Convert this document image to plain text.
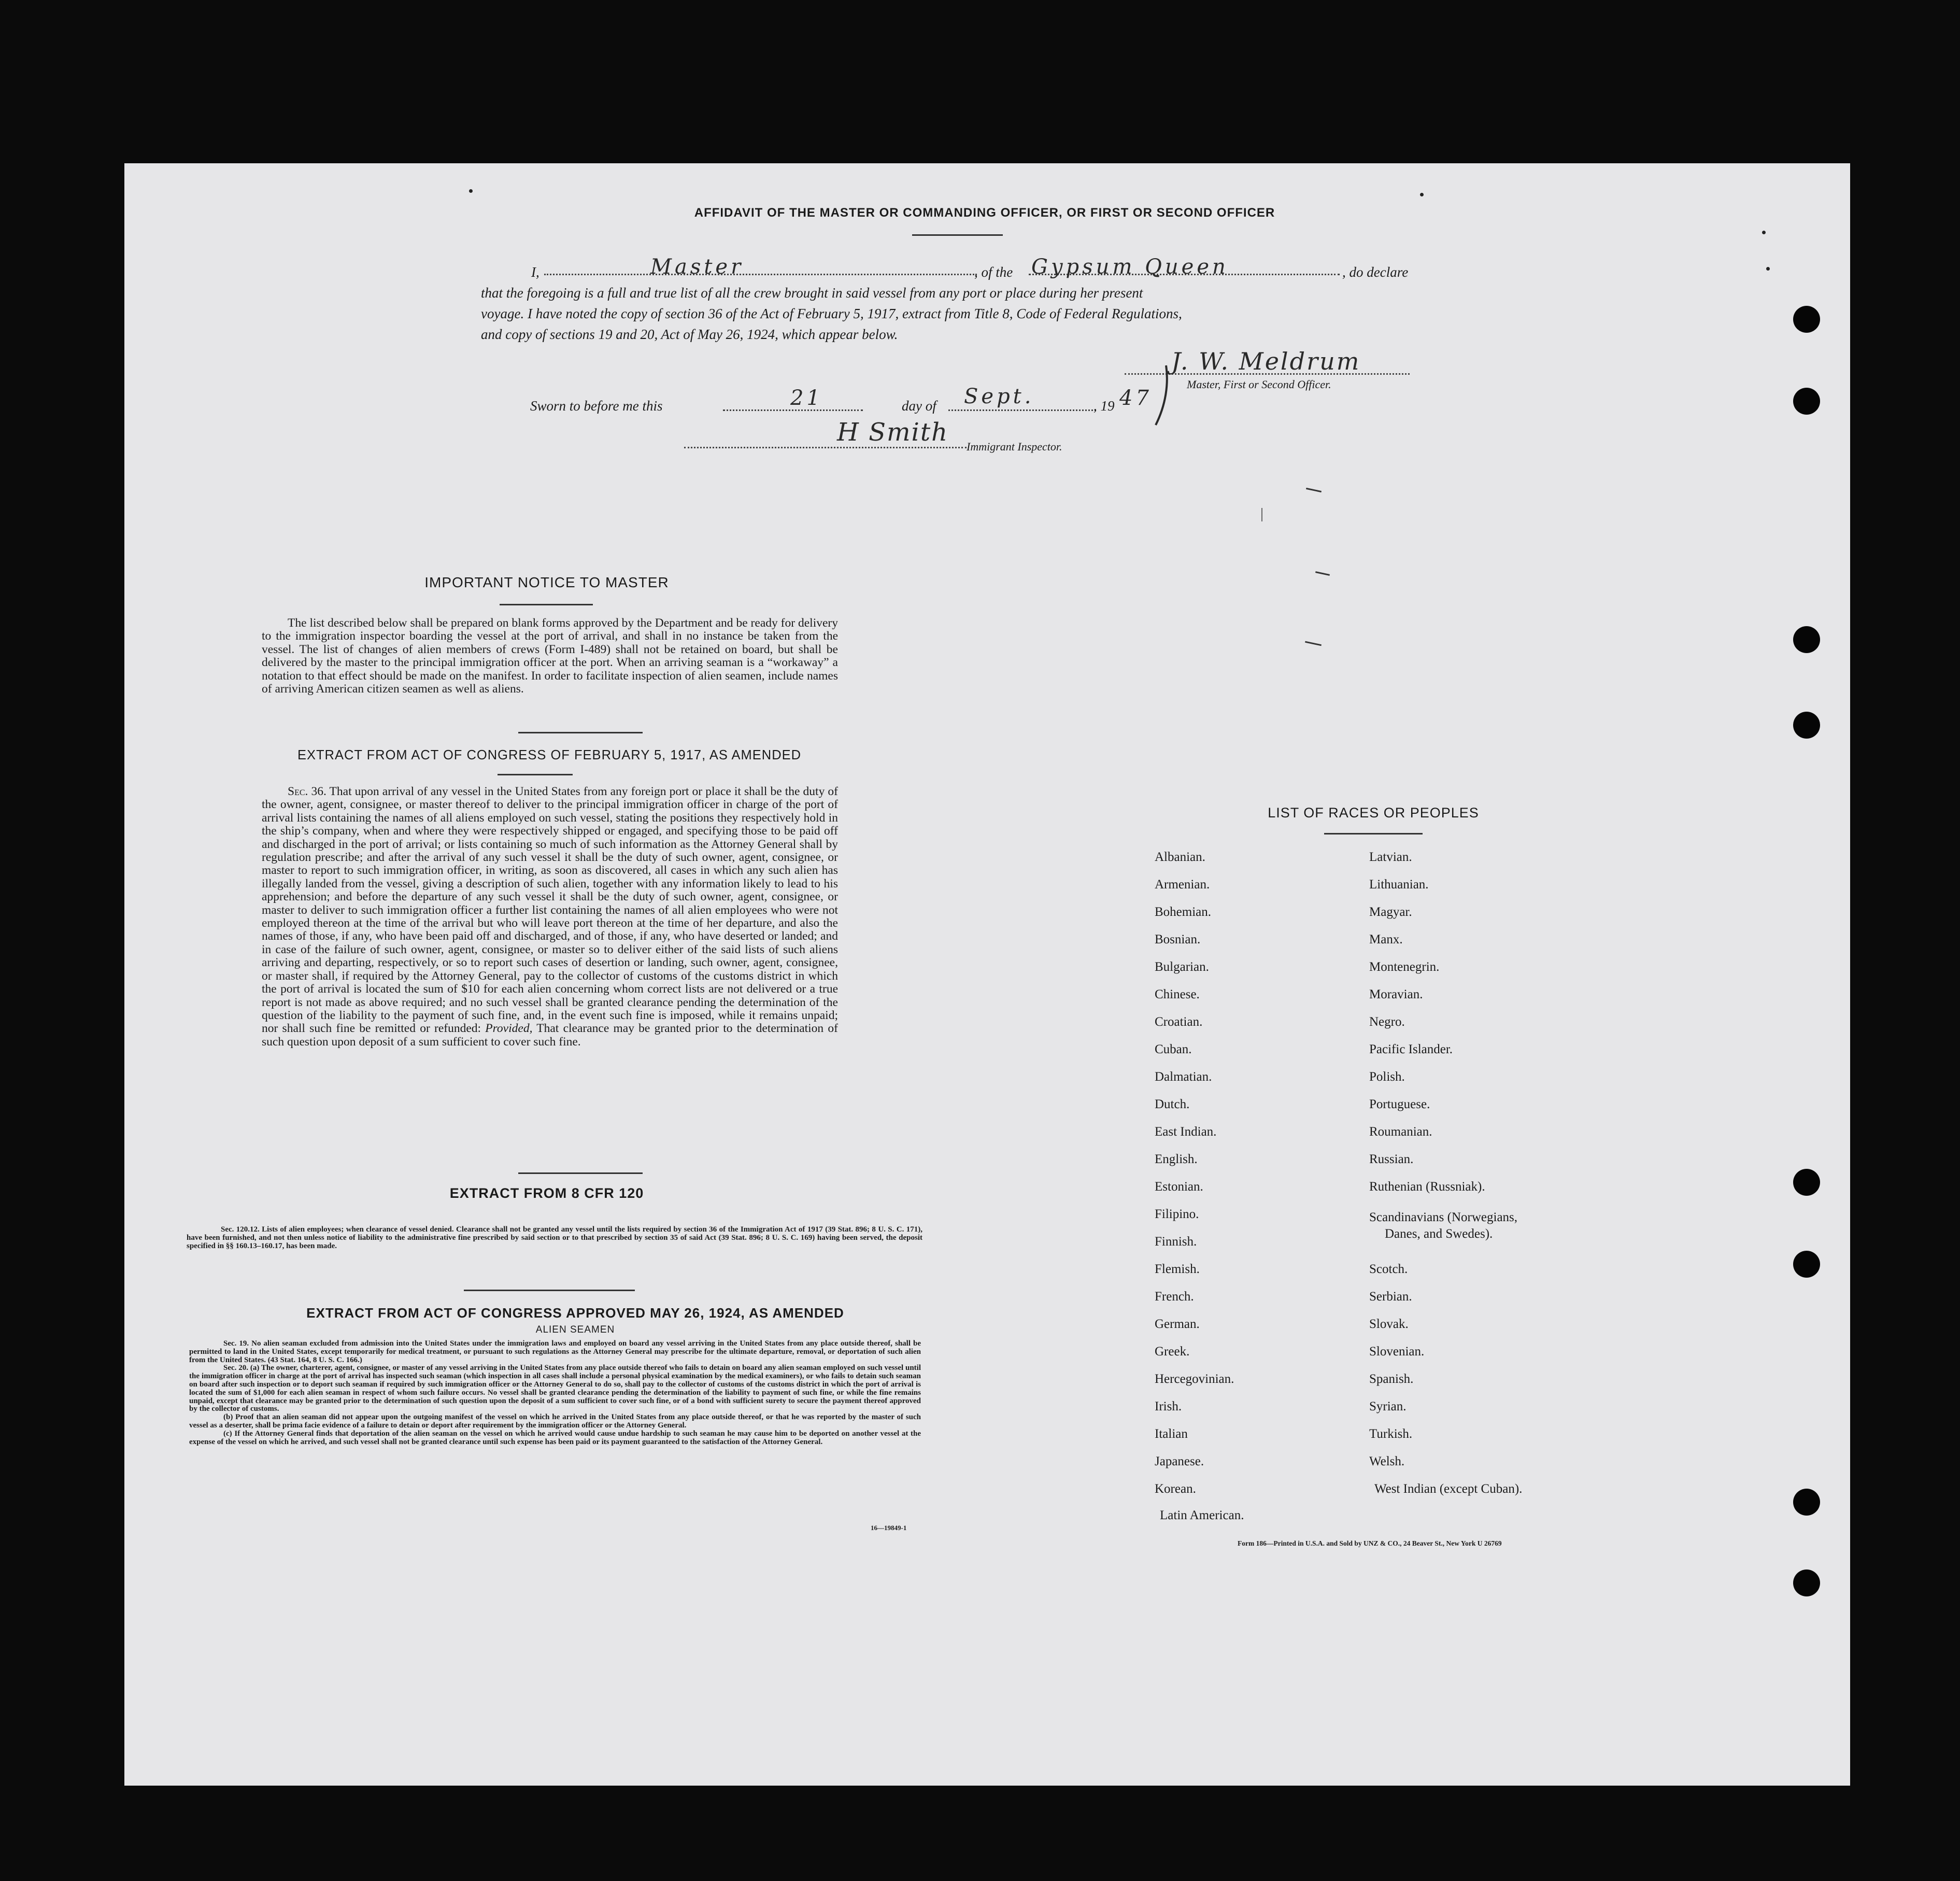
AFFIDAVIT OF THE MASTER OR COMMANDING OFFICER, OR FIRST OR SECOND OFFICER
I,	Master	, of the Gypsum Queen	, do declare
that the foregoing is a full and true list of all the crew brought in said vessel from any port or place during her present
voyage. I have noted the copy of section 36 of the Act of February 5, 1917, extract from Title 8, Code of Federal Regulations,
and copy of sections 19 and 20, Act of May 26, 1924, which appear below.
J. W. Meldrum
Master, First or Second Officer.
Sworn to before me this	21	day of Sept.	, 19 47
H Smith Immigrant Inspector.
IMPORTANT NOTICE TO MASTER
The list described below shall be prepared on blank forms approved by the Department and be ready for delivery to the immigration inspector boarding the vessel at the port of arrival, and shall in no instance be taken from the vessel. The list of changes of alien members of crews (Form I-489) shall not be retained on board, but shall be delivered by the master to the principal immigration officer at the port. When an arriving seaman is a “workaway” a notation to that effect should be made on the manifest. In order to facilitate inspection of alien seamen, include names of arriving American citizen seamen as well as aliens.
EXTRACT FROM ACT OF CONGRESS OF FEBRUARY 5, 1917, AS AMENDED
Sec. 36. That upon arrival of any vessel in the United States from any foreign port or place it shall be the duty of the owner, agent, consignee, or master thereof to deliver to the principal immigration officer in charge of the port of arrival lists containing the names of all aliens employed on such vessel, stating the positions they respectively hold in the ship’s company, when and where they were respectively shipped or engaged, and specifying those to be paid off and discharged in the port of arrival; or lists containing so much of such information as the Attorney General shall by regulation prescribe; and after the arrival of any such vessel it shall be the duty of such owner, agent, consignee, or master to report to such immigration officer, in writing, as soon as discovered, all cases in which any such alien has illegally landed from the vessel, giving a description of such alien, together with any information likely to lead to his apprehension; and before the departure of any such vessel it shall be the duty of such owner, agent, consignee, or master to deliver to such immigration officer a further list containing the names of all alien employees who were not employed thereon at the time of the arrival but who will leave port thereon at the time of her departure, and also the names of those, if any, who have been paid off and discharged, and of those, if any, who have deserted or landed; and in case of the failure of such owner, agent, consignee, or master so to deliver either of the said lists of such aliens arriving and departing, respectively, or so to report such cases of desertion or landing, such owner, agent, consignee, or master shall, if required by the Attorney General, pay to the collector of customs of the customs district in which the port of arrival is located the sum of $10 for each alien concerning whom correct lists are not delivered or a true report is not made as above required; and no such vessel shall be granted clearance pending the determination of the question of the liability to the payment of such fine, and, in the event such fine is imposed, while it remains unpaid; nor shall such fine be remitted or refunded: Provided, That clearance may be granted prior to the determination of such question upon deposit of a sum sufficient to cover such fine.
EXTRACT FROM 8 CFR 120
Sec. 120.12. Lists of alien employees; when clearance of vessel denied. Clearance shall not be granted any vessel until the lists required by section 36 of the Immigration Act of 1917 (39 Stat. 896; 8 U. S. C. 171), have been furnished, and not then unless notice of liability to the administrative fine prescribed by said section or to that prescribed by section 35 of said Act (39 Stat. 896; 8 U. S. C. 169) having been served, the deposit specified in §§ 160.13–160.17, has been made.
EXTRACT FROM ACT OF CONGRESS APPROVED MAY 26, 1924, AS AMENDED
ALIEN SEAMEN
Sec. 19. No alien seaman excluded from admission into the United States under the immigration laws and employed on board any vessel arriving in the United States from any place outside thereof, shall be permitted to land in the United States, except temporarily for medical treatment, or pursuant to such regulations as the Attorney General may prescribe for the ultimate departure, removal, or deportation of such alien from the United States. (43 Stat. 164, 8 U. S. C. 166.)
Sec. 20. (a) The owner, charterer, agent, consignee, or master of any vessel arriving in the United States from any place outside thereof who fails to detain on board any alien seaman employed on such vessel until the immigration officer in charge at the port of arrival has inspected such seaman (which inspection in all cases shall include a personal physical examination by the medical examiners), or who fails to detain such seaman on board after such inspection or to deport such seaman if required by such immigration officer or the Attorney General to do so, shall pay to the collector of customs of the customs district in which the port of arrival is located the sum of $1,000 for each alien seaman in respect of whom such failure occurs. No vessel shall be granted clearance pending the determination of the liability to payment of such fine, or while the fine remains unpaid, except that clearance may be granted prior to the determination of such question upon the deposit of a sum sufficient to cover such fine, or of a bond with sufficient surety to secure the payment thereof approved by the collector of customs.
(b) Proof that an alien seaman did not appear upon the outgoing manifest of the vessel on which he arrived in the United States from any place outside thereof, or that he was reported by the master of such vessel as a deserter, shall be prima facie evidence of a failure to detain or deport after requirement by the immigration officer or the Attorney General.
(c) If the Attorney General finds that deportation of the alien seaman on the vessel on which he arrived would cause undue hardship to such seaman he may cause him to be deported on another vessel at the expense of the vessel on which he arrived, and such vessel shall not be granted clearance until such expense has been paid or its payment guaranteed to the satisfaction of the Attorney General.
16—19849-1
LIST OF RACES OR PEOPLES
Albanian.
Armenian.
Bohemian.
Bosnian.
Bulgarian.
Chinese.
Croatian.
Cuban.
Dalmatian.
Dutch.
East Indian.
English.
Estonian.
Filipino.
Finnish.
Flemish.
French.
German.
Greek.
Hercegovinian.
Irish.
Italian
Japanese.
Korean.
Latin American.
Latvian.
Lithuanian.
Magyar.
Manx.
Montenegrin.
Moravian.
Negro.
Pacific Islander.
Polish.
Portuguese.
Roumanian.
Russian.
Ruthenian (Russniak).
Scandinavians (Norwegians,
Danes, and Swedes).
Scotch.
Serbian.
Slovak.
Slovenian.
Spanish.
Syrian.
Turkish.
Welsh.
West Indian (except Cuban).
Form 186—Printed in U.S.A. and Sold by UNZ & CO., 24 Beaver St., New York U 26769
